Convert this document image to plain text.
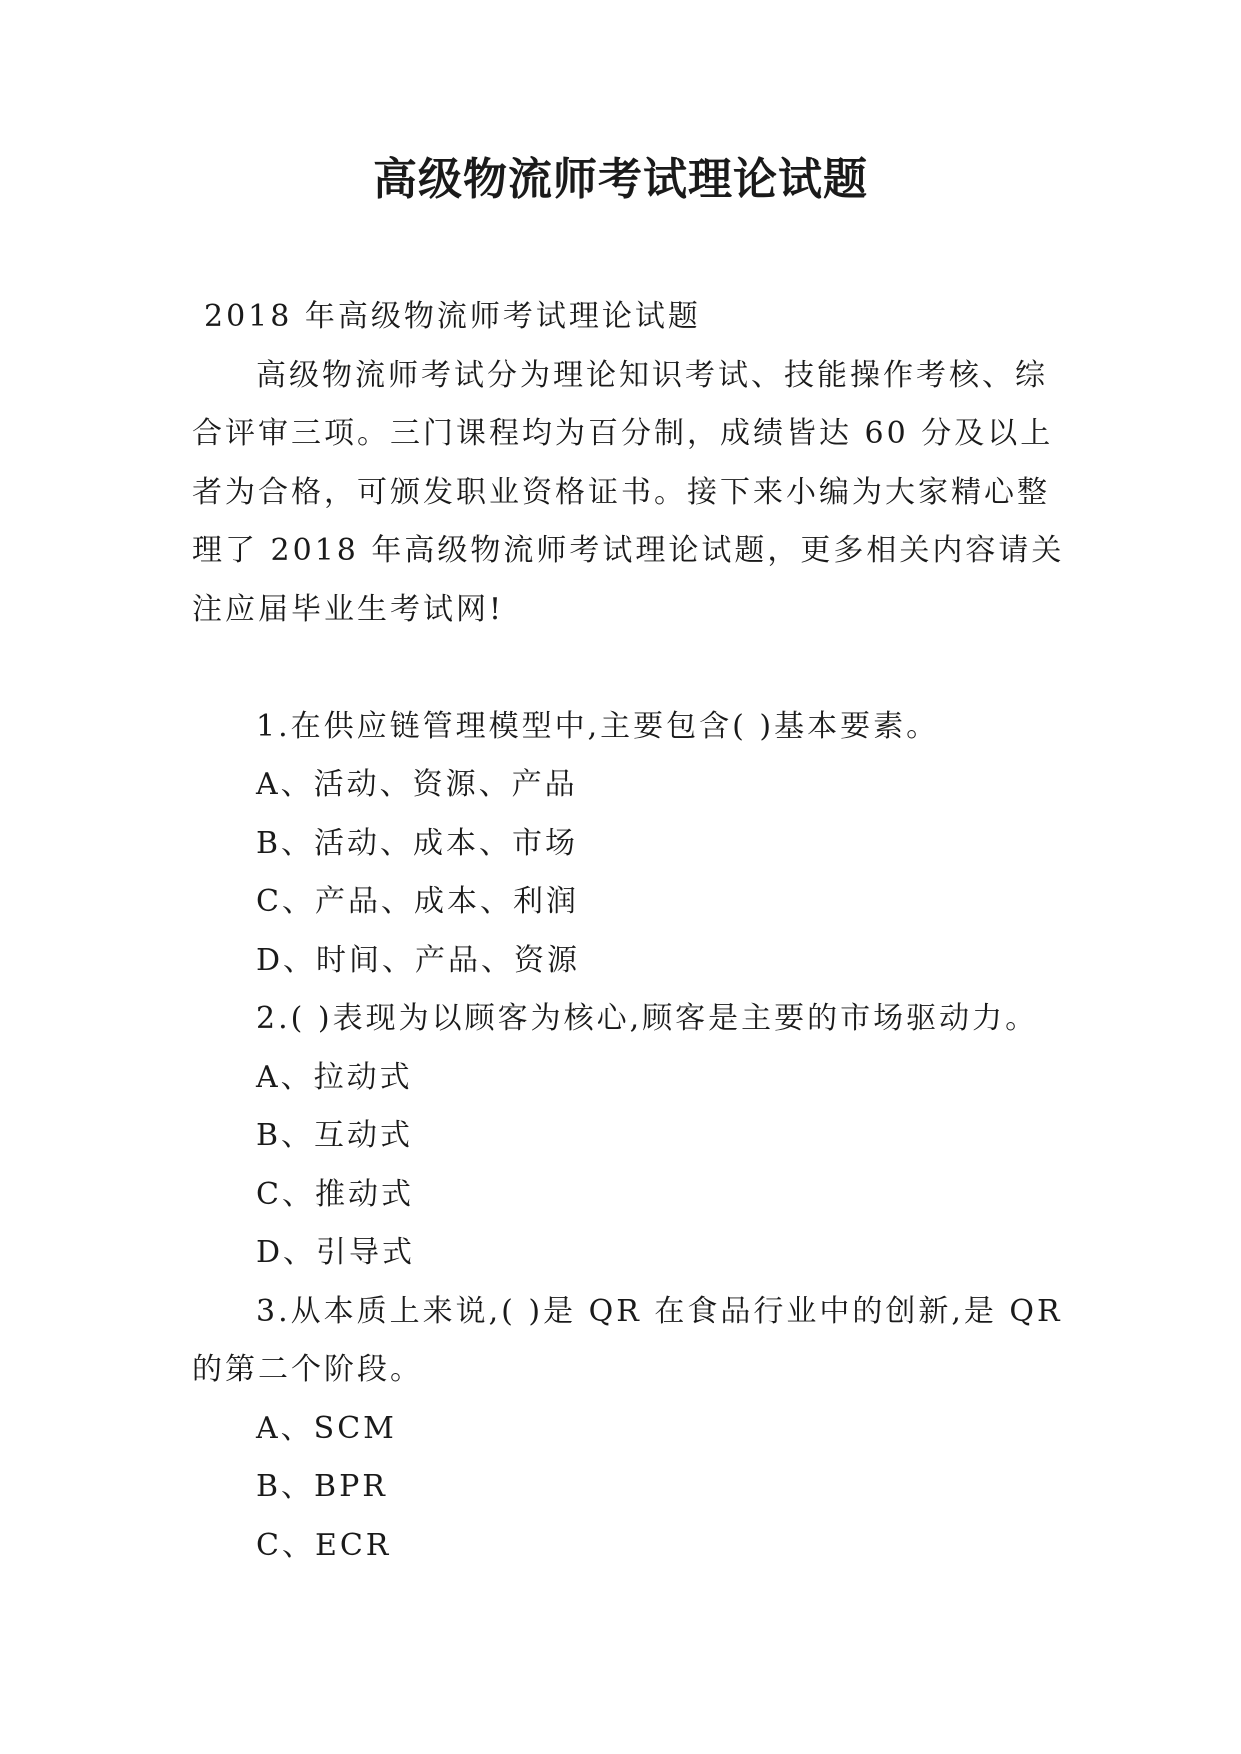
高级物流师考试理论试题
2018 年高级物流师考试理论试题
高级物流师考试分为理论知识考试、技能操作考核、综
合评审三项。三门课程均为百分制，成绩皆达 60 分及以上
者为合格，可颁发职业资格证书。接下来小编为大家精心整
理了 2018 年高级物流师考试理论试题，更多相关内容请关
注应届毕业生考试网!
1.在供应链管理模型中,主要包含( )基本要素。
A、活动、资源、产品
B、活动、成本、市场
C、产品、成本、利润
D、时间、产品、资源
2.( )表现为以顾客为核心,顾客是主要的市场驱动力。
A、拉动式
B、互动式
C、推动式
D、引导式
3.从本质上来说,( )是 QR 在食品行业中的创新,是 QR
的第二个阶段。
A、SCM
B、BPR
C、ECR
